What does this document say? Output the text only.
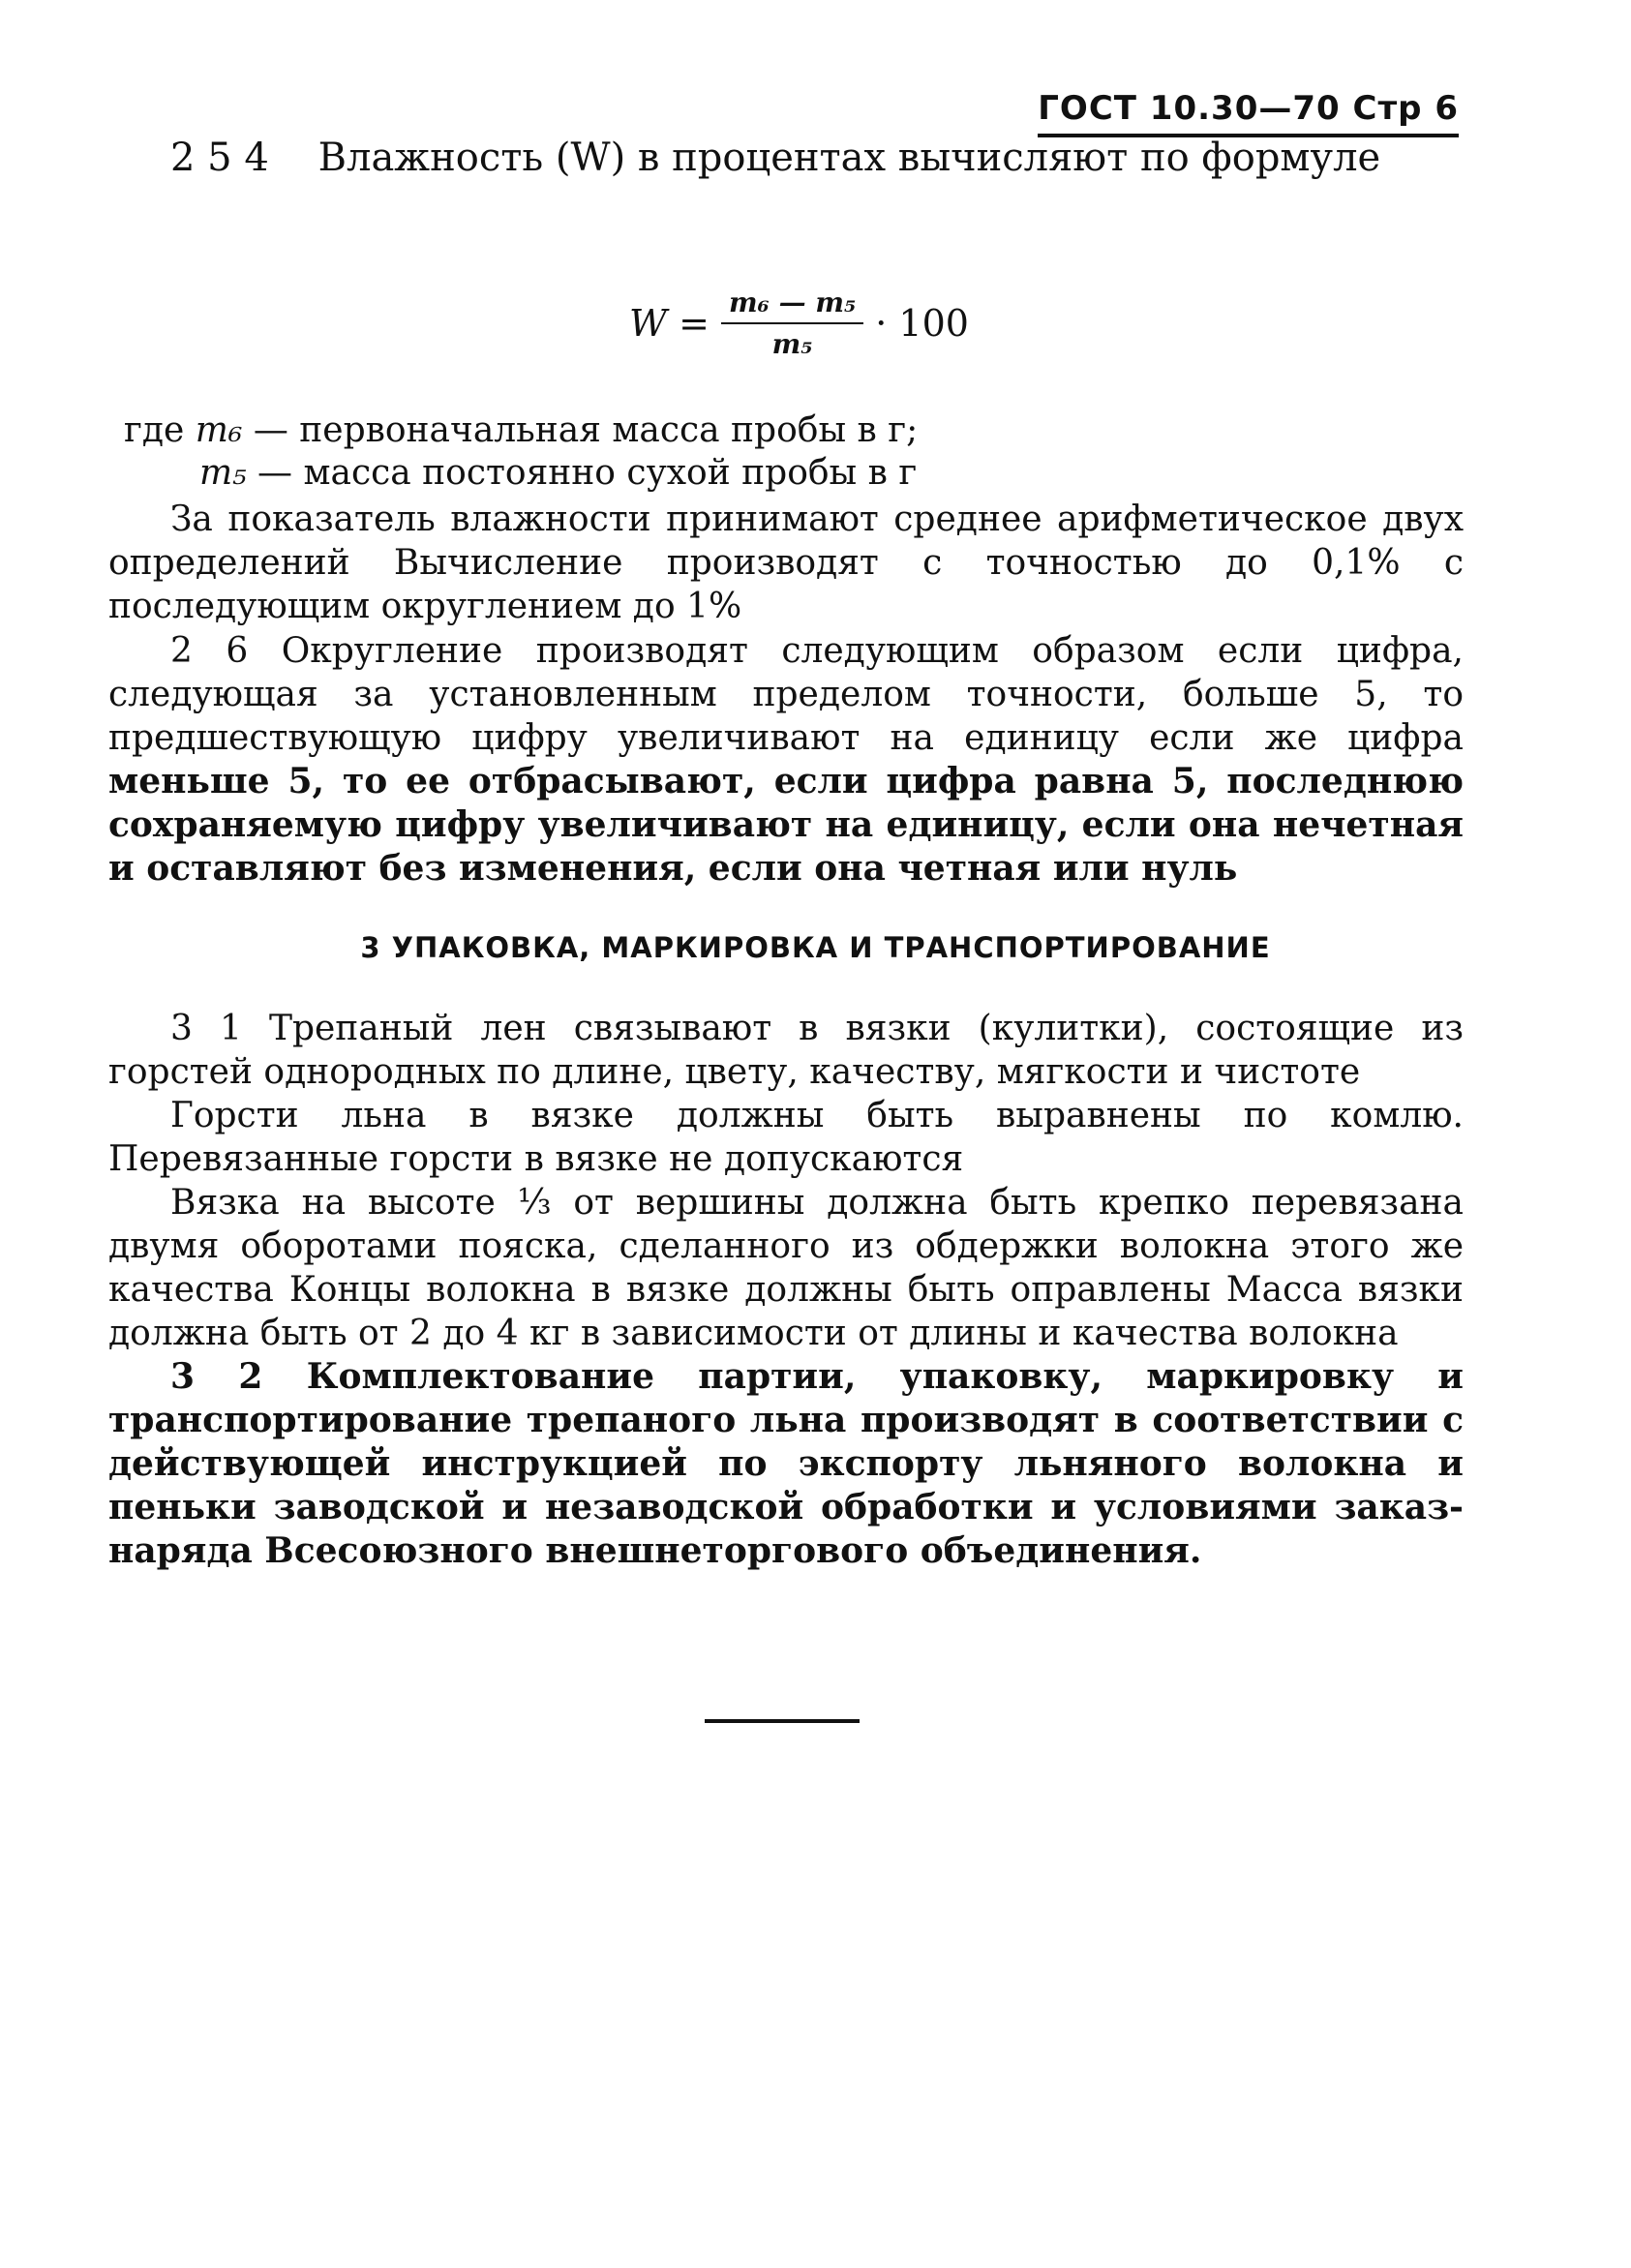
ГОСТ 10.30—70 Стр 6
2 5 4 Влажность (W) в процентах вычисляют по формуле
$W = \frac{\text{m₆ — m₅}}{\text{m₅}} \cdot 100$
где m₆ — первоначальная масса пробы в г;
m₅ — масса постоянно сухой пробы в г

За показатель влажности принимают среднее арифметическое двух определений Вычисление производят с точностью до 0,1% с последующим округлением до 1%

2 6 Округление производят следующим образом если цифра, следующая за установленным пределом точности, больше 5, то предшествующую цифру увеличивают на единицу если же цифра меньше 5, то ее отбрасывают, если цифра равна 5, последнюю сохраняемую цифру увеличивают на единицу, если она нечетная и оставляют без изменения, если она четная или нуль

3 УПАКОВКА, МАРКИРОВКА И ТРАНСПОРТИРОВАНИЕ

3 1 Трепаный лен связывают в вязки (кулитки), состоящие из горстей однородных по длине, цвету, качеству, мягкости и чистоте

Горсти льна в вязке должны быть выравнены по комлю. Перевязанные горсти в вязке не допускаются

Вязка на высоте ⅓ от вершины должна быть крепко перевязана двумя оборотами пояска, сделанного из обдержки волокна этого же качества Концы волокна в вязке должны быть оправлены Масса вязки должна быть от 2 до 4 кг в зависимости от длины и качества волокна

3 2 Комплектование партии, упаковку, маркировку и транспортирование трепаного льна производят в соответствии с действующей инструкцией по экспорту льняного волокна и пеньки заводской и незаводской обработки и условиями заказ-наряда Всесоюзного внешнеторгового объединения.
